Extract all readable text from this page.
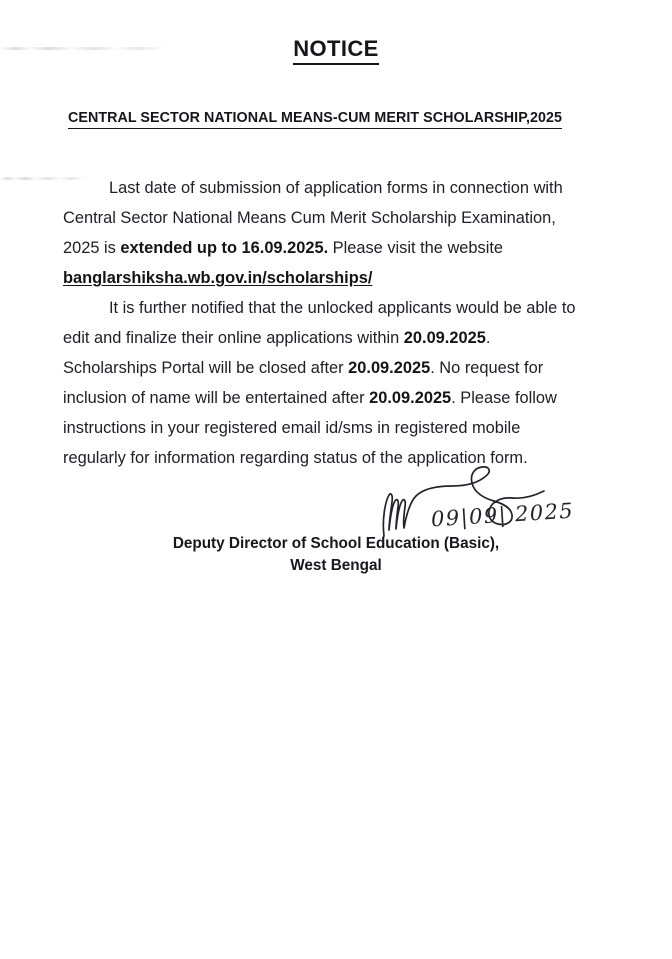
NOTICE
CENTRAL SECTOR NATIONAL MEANS-CUM MERIT SCHOLARSHIP,2025

Last date of submission of application forms in connection with Central Sector National Means Cum Merit Scholarship Examination, 2025 is extended up to 16.09.2025. Please visit the website banglarshiksha.wb.gov.in/scholarships/

It is further notified that the unlocked applicants would be able to edit and finalize their online applications within 20.09.2025. Scholarships Portal will be closed after 20.09.2025. No request for inclusion of name will be entertained after 20.09.2025. Please follow instructions in your registered email id/sms in registered mobile regularly for information regarding status of the application form.

09|09| 2025
Deputy Director of School Education (Basic),
West Bengal
